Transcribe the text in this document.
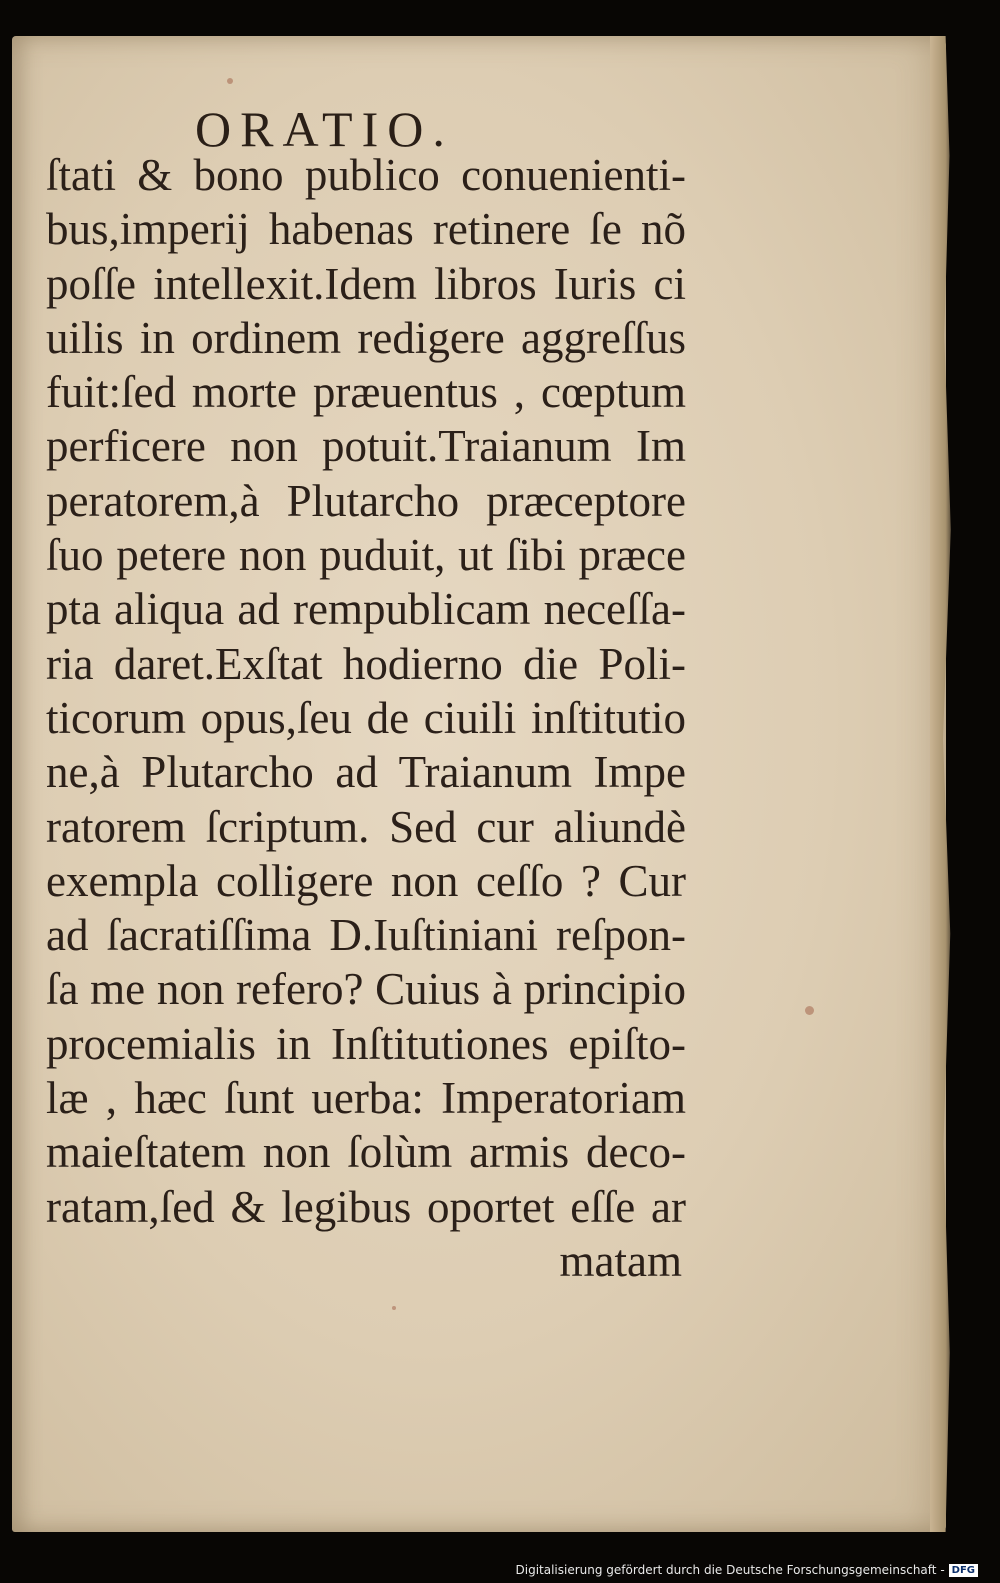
ORATIO.
ſtati & bono publico conuenienti-
bus,imperij habenas retinere ſe nõ
poſſe intellexit.Idem libros Iuris ci
uilis in ordinem redigere aggreſſus
fuit:ſed morte præuentus , cœptum
perficere non potuit.Traianum Im
peratorem,à Plutarcho præceptore
ſuo petere non puduit, ut ſibi præce
pta aliqua ad rempublicam neceſſa-
ria daret.Exſtat hodierno die Poli-
ticorum opus,ſeu de ciuili inſtitutio
ne,à Plutarcho ad Traianum Impe
ratorem ſcriptum. Sed cur aliundè
exempla colligere non ceſſo ? Cur
ad ſacratiſſima D.Iuſtiniani reſpon-
ſa me non refero? Cuius à principio
procemialis in Inſtitutiones epiſto-
læ , hæc ſunt uerba: Imperatoriam
maieſtatem non ſolùm armis deco-
ratam,ſed & legibus oportet eſſe ar
matam
Digitalisierung gefördert durch die Deutsche Forschungsgemeinschaft - DFG
